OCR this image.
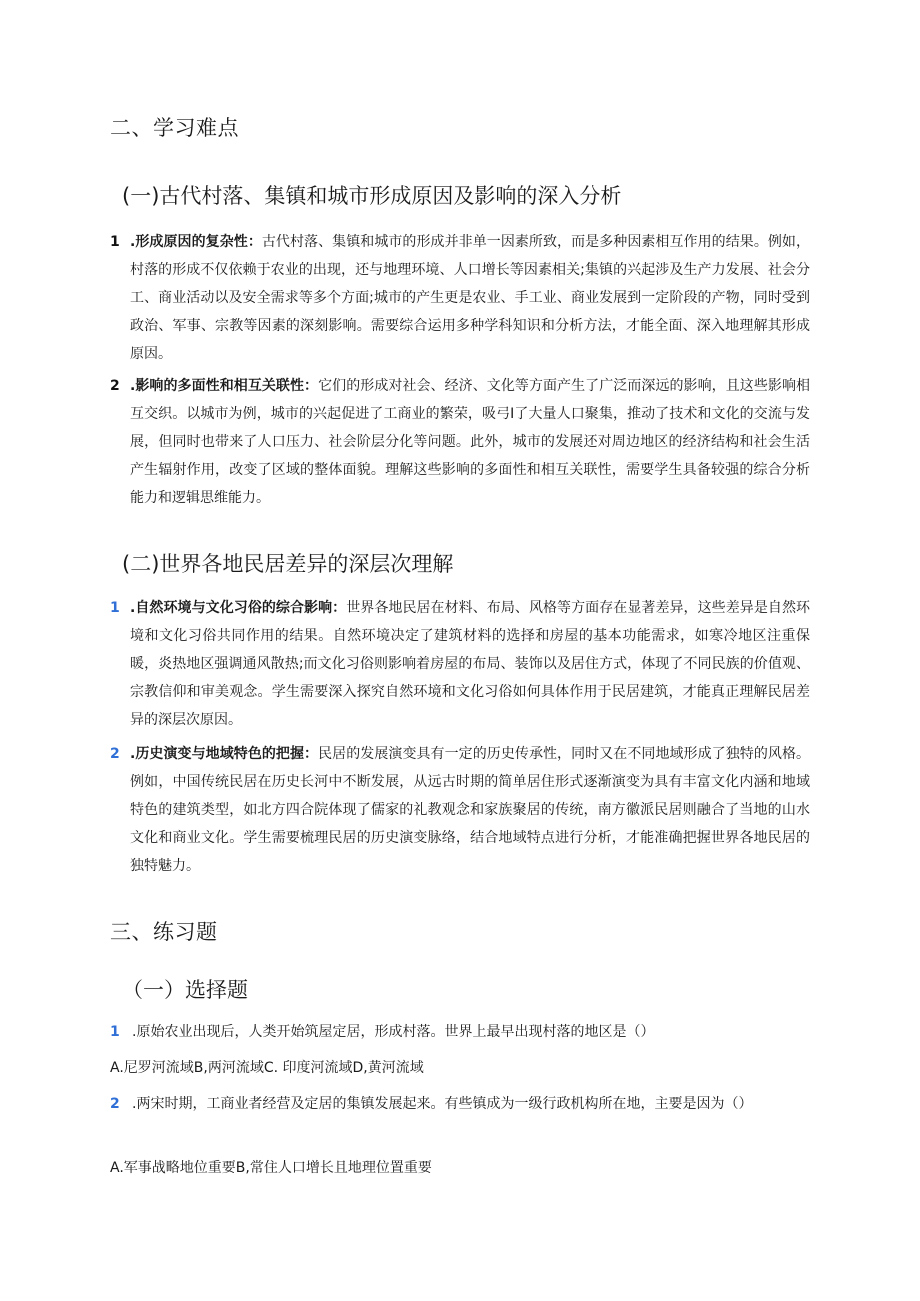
二、学习难点
(一)古代村落、集镇和城市形成原因及影响的深入分析
1 .形成原因的复杂性：古代村落、集镇和城市的形成并非单一因素所致，而是多种因素相互作用的结果。例如，村落的形成不仅依赖于农业的出现，还与地理环境、人口增长等因素相关;集镇的兴起涉及生产力发展、社会分工、商业活动以及安全需求等多个方面;城市的产生更是农业、手工业、商业发展到一定阶段的产物，同时受到政治、军事、宗教等因素的深刻影响。需要综合运用多种学科知识和分析方法，才能全面、深入地理解其形成原因。
2 .影响的多面性和相互关联性：它们的形成对社会、经济、文化等方面产生了广泛而深远的影响，且这些影响相互交织。以城市为例，城市的兴起促进了工商业的繁荣，吸弓I了大量人口聚集，推动了技术和文化的交流与发展，但同时也带来了人口压力、社会阶层分化等问题。此外，城市的发展还对周边地区的经济结构和社会生活产生辐射作用，改变了区域的整体面貌。理解这些影响的多面性和相互关联性，需要学生具备较强的综合分析能力和逻辑思维能力。
(二)世界各地民居差异的深层次理解
1 .自然环境与文化习俗的综合影响：世界各地民居在材料、布局、风格等方面存在显著差异，这些差异是自然环境和文化习俗共同作用的结果。自然环境决定了建筑材料的选择和房屋的基本功能需求，如寒冷地区注重保暖，炎热地区强调通风散热;而文化习俗则影响着房屋的布局、装饰以及居住方式，体现了不同民族的价值观、宗教信仰和审美观念。学生需要深入探究自然环境和文化习俗如何具体作用于民居建筑，才能真正理解民居差异的深层次原因。
2 .历史演变与地域特色的把握：民居的发展演变具有一定的历史传承性，同时又在不同地域形成了独特的风格。例如，中国传统民居在历史长河中不断发展，从远古时期的简单居住形式逐渐演变为具有丰富文化内涵和地域特色的建筑类型，如北方四合院体现了儒家的礼教观念和家族聚居的传统，南方徽派民居则融合了当地的山水文化和商业文化。学生需要梳理民居的历史演变脉络，结合地域特点进行分析，才能准确把握世界各地民居的独特魅力。
三、练习题
（一）选择题
1 .原始农业出现后，人类开始筑屋定居，形成村落。世界上最早出现村落的地区是（）
A.尼罗河流域B,两河流域C. 印度河流域D,黄河流域
2 .两宋时期，工商业者经营及定居的集镇发展起来。有些镇成为一级行政机构所在地，主要是因为（）
A.军事战略地位重要B,常住人口增长且地理位置重要
